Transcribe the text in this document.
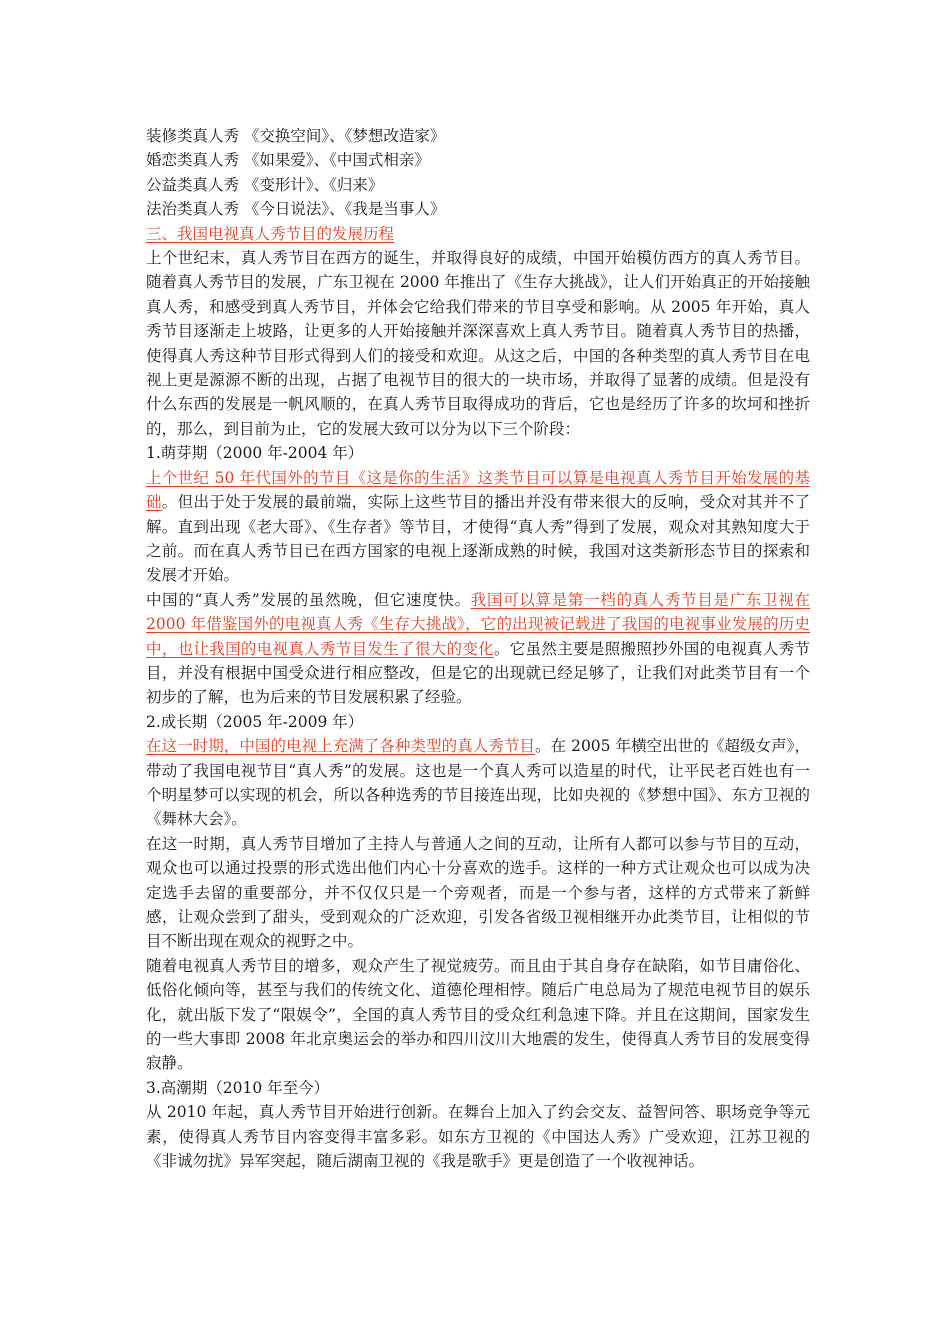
装修类真人秀 《交换空间》、《梦想改造家》

婚恋类真人秀 《如果爱》、《中国式相亲》

公益类真人秀 《变形计》、《归来》

法治类真人秀 《今日说法》、《我是当事人》

三、我国电视真人秀节目的发展历程

上个世纪末，真人秀节目在西方的诞生，并取得良好的成绩，中国开始模仿西方的真人秀节目。随着真人秀节目的发展，广东卫视在 2000 年推出了《生存大挑战》，让人们开始真正的开始接触真人秀，和感受到真人秀节目，并体会它给我们带来的节目享受和影响。从 2005 年开始，真人秀节目逐渐走上坡路，让更多的人开始接触并深深喜欢上真人秀节目。随着真人秀节目的热播，使得真人秀这种节目形式得到人们的接受和欢迎。从这之后，中国的各种类型的真人秀节目在电视上更是源源不断的出现，占据了电视节目的很大的一块市场，并取得了显著的成绩。但是没有什么东西的发展是一帆风顺的，在真人秀节目取得成功的背后，它也是经历了许多的坎坷和挫折的，那么，到目前为止，它的发展大致可以分为以下三个阶段：

1.萌芽期（2000 年-2004 年）

上个世纪 50 年代国外的节目《这是你的生活》这类节目可以算是电视真人秀节目开始发展的基础。但出于处于发展的最前端，实际上这些节目的播出并没有带来很大的反响，受众对其并不了解。直到出现《老大哥》、《生存者》等节目，才使得“真人秀”得到了发展，观众对其熟知度大于之前。而在真人秀节目已在西方国家的电视上逐渐成熟的时候，我国对这类新形态节目的探索和发展才开始。

中国的“真人秀”发展的虽然晚，但它速度快。我国可以算是第一档的真人秀节目是广东卫视在 2000 年借鉴国外的电视真人秀《生存大挑战》，它的出现被记载进了我国的电视事业发展的历史中，也让我国的电视真人秀节目发生了很大的变化。它虽然主要是照搬照抄外国的电视真人秀节目，并没有根据中国受众进行相应整改，但是它的出现就已经足够了，让我们对此类节目有一个初步的了解，也为后来的节目发展积累了经验。

2.成长期（2005 年-2009 年）

在这一时期，中国的电视上充满了各种类型的真人秀节目。在 2005 年横空出世的《超级女声》，带动了我国电视节目“真人秀”的发展。这也是一个真人秀可以造星的时代，让平民老百姓也有一个明星梦可以实现的机会，所以各种选秀的节目接连出现，比如央视的《梦想中国》、东方卫视的《舞林大会》。

在这一时期，真人秀节目增加了主持人与普通人之间的互动，让所有人都可以参与节目的互动，观众也可以通过投票的形式选出他们内心十分喜欢的选手。这样的一种方式让观众也可以成为决定选手去留的重要部分，并不仅仅只是一个旁观者，而是一个参与者，这样的方式带来了新鲜感，让观众尝到了甜头，受到观众的广泛欢迎，引发各省级卫视相继开办此类节目，让相似的节目不断出现在观众的视野之中。

随着电视真人秀节目的增多，观众产生了视觉疲劳。而且由于其自身存在缺陷，如节目庸俗化、低俗化倾向等，甚至与我们的传统文化、道德伦理相悖。随后广电总局为了规范电视节目的娱乐化，就出版下发了“限娱令”，全国的真人秀节目的受众红利急速下降。并且在这期间，国家发生的一些大事即 2008 年北京奥运会的举办和四川汶川大地震的发生，使得真人秀节目的发展变得寂静。

3.高潮期（2010 年至今）

从 2010 年起，真人秀节目开始进行创新。在舞台上加入了约会交友、益智问答、职场竞争等元素，使得真人秀节目内容变得丰富多彩。如东方卫视的《中国达人秀》广受欢迎，江苏卫视的《非诚勿扰》异军突起，随后湖南卫视的《我是歌手》更是创造了一个收视神话。
